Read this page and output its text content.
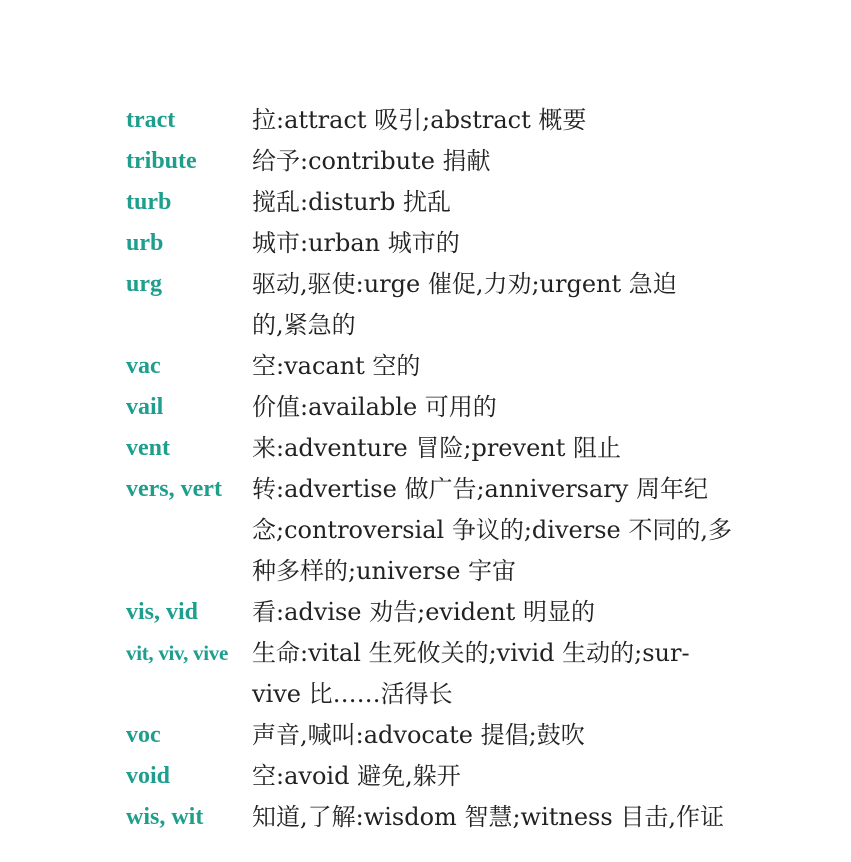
tract	拉:attract 吸引;abstract 概要
tribute	给予:contribute 捐献
turb	搅乱:disturb 扰乱
urb	城市:urban 城市的
urg	驱动,驱使:urge 催促,力劝;urgent 急迫
的,紧急的
vac	空:vacant 空的
vail	价值:available 可用的
vent	来:adventure 冒险;prevent 阻止
vers, vert	转:advertise 做广告;anniversary 周年纪
念;controversial 争议的;diverse 不同的,多
种多样的;universe 宇宙
vis, vid	看:advise 劝告;evident 明显的
vit, viv, vive	生命:vital 生死攸关的;vivid 生动的;sur-
vive 比……活得长
voc	声音,喊叫:advocate 提倡;鼓吹
void	空:avoid 避免,躲开
wis, wit	知道,了解:wisdom 智慧;witness 目击,作证
